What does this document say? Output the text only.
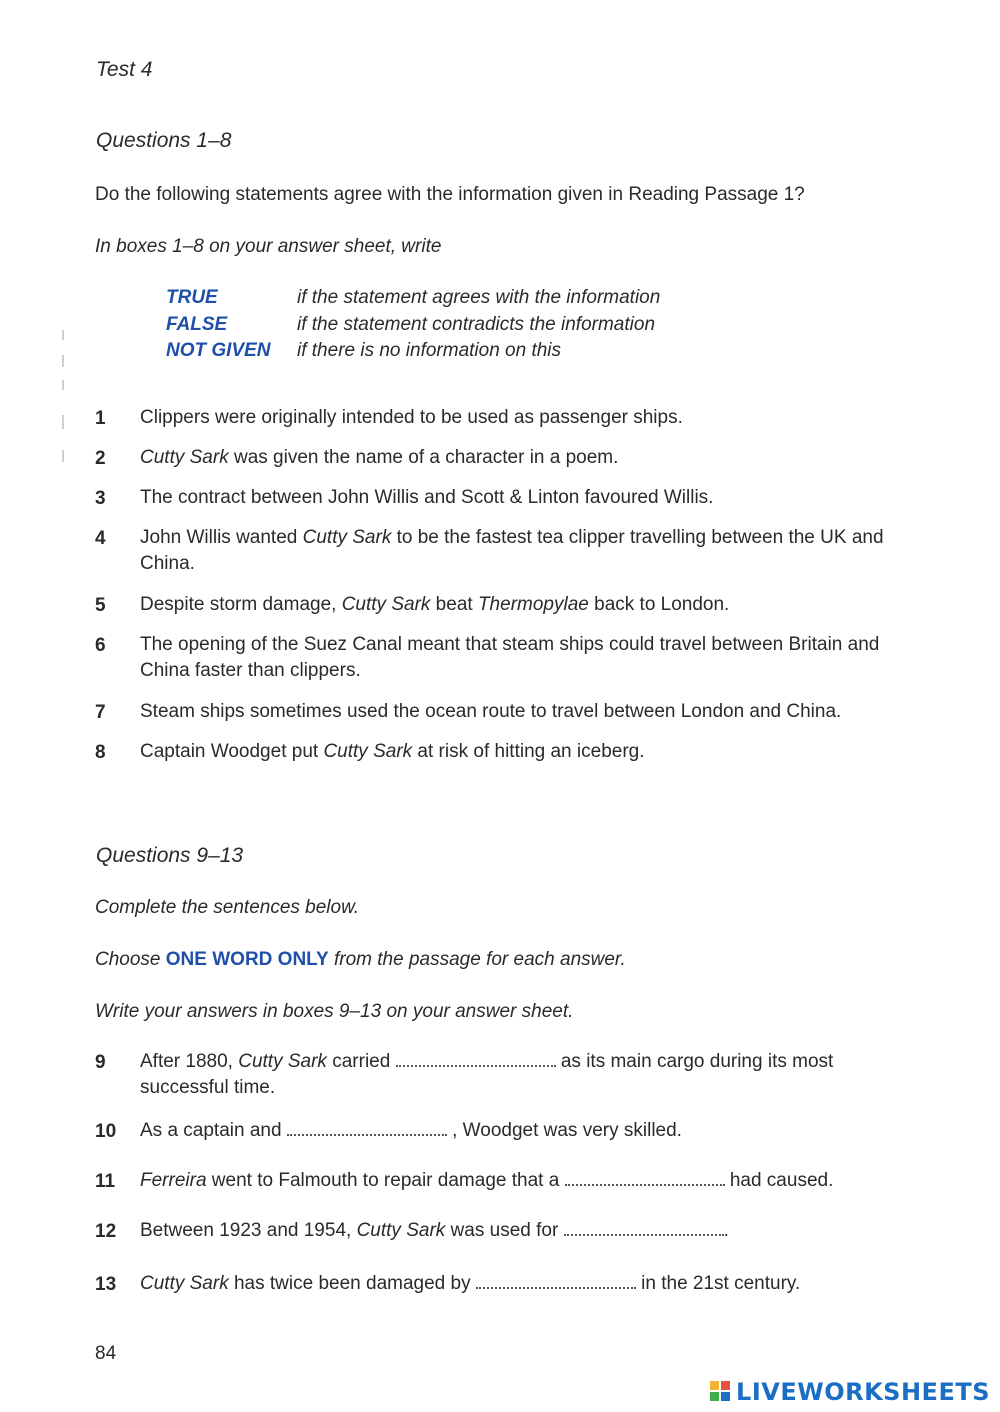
Test 4
Questions 1–8
Do the following statements agree with the information given in Reading Passage 1?
In boxes 1–8 on your answer sheet, write
TRUE	if the statement agrees with the information
FALSE	if the statement contradicts the information
NOT GIVEN if there is no information on this
1 Clippers were originally intended to be used as passenger ships.
2 Cutty Sark was given the name of a character in a poem.
3 The contract between John Willis and Scott & Linton favoured Willis.
4 John Willis wanted Cutty Sark to be the fastest tea clipper travelling between the UK and China.
5 Despite storm damage, Cutty Sark beat Thermopylae back to London.
6 The opening of the Suez Canal meant that steam ships could travel between Britain and China faster than clippers.
7 Steam ships sometimes used the ocean route to travel between London and China.
8 Captain Woodget put Cutty Sark at risk of hitting an iceberg.
Questions 9–13
Complete the sentences below.
Choose ONE WORD ONLY from the passage for each answer.
Write your answers in boxes 9–13 on your answer sheet.
9 After 1880, Cutty Sark carried	as its main cargo during its most successful time.
10 As a captain and	, Woodget was very skilled.
11 Ferreira went to Falmouth to repair damage that a	had caused.
12 Between 1923 and 1954, Cutty Sark was used for	.
13 Cutty Sark has twice been damaged by	in the 21st century.
84
LIVEWORKSHEETS
